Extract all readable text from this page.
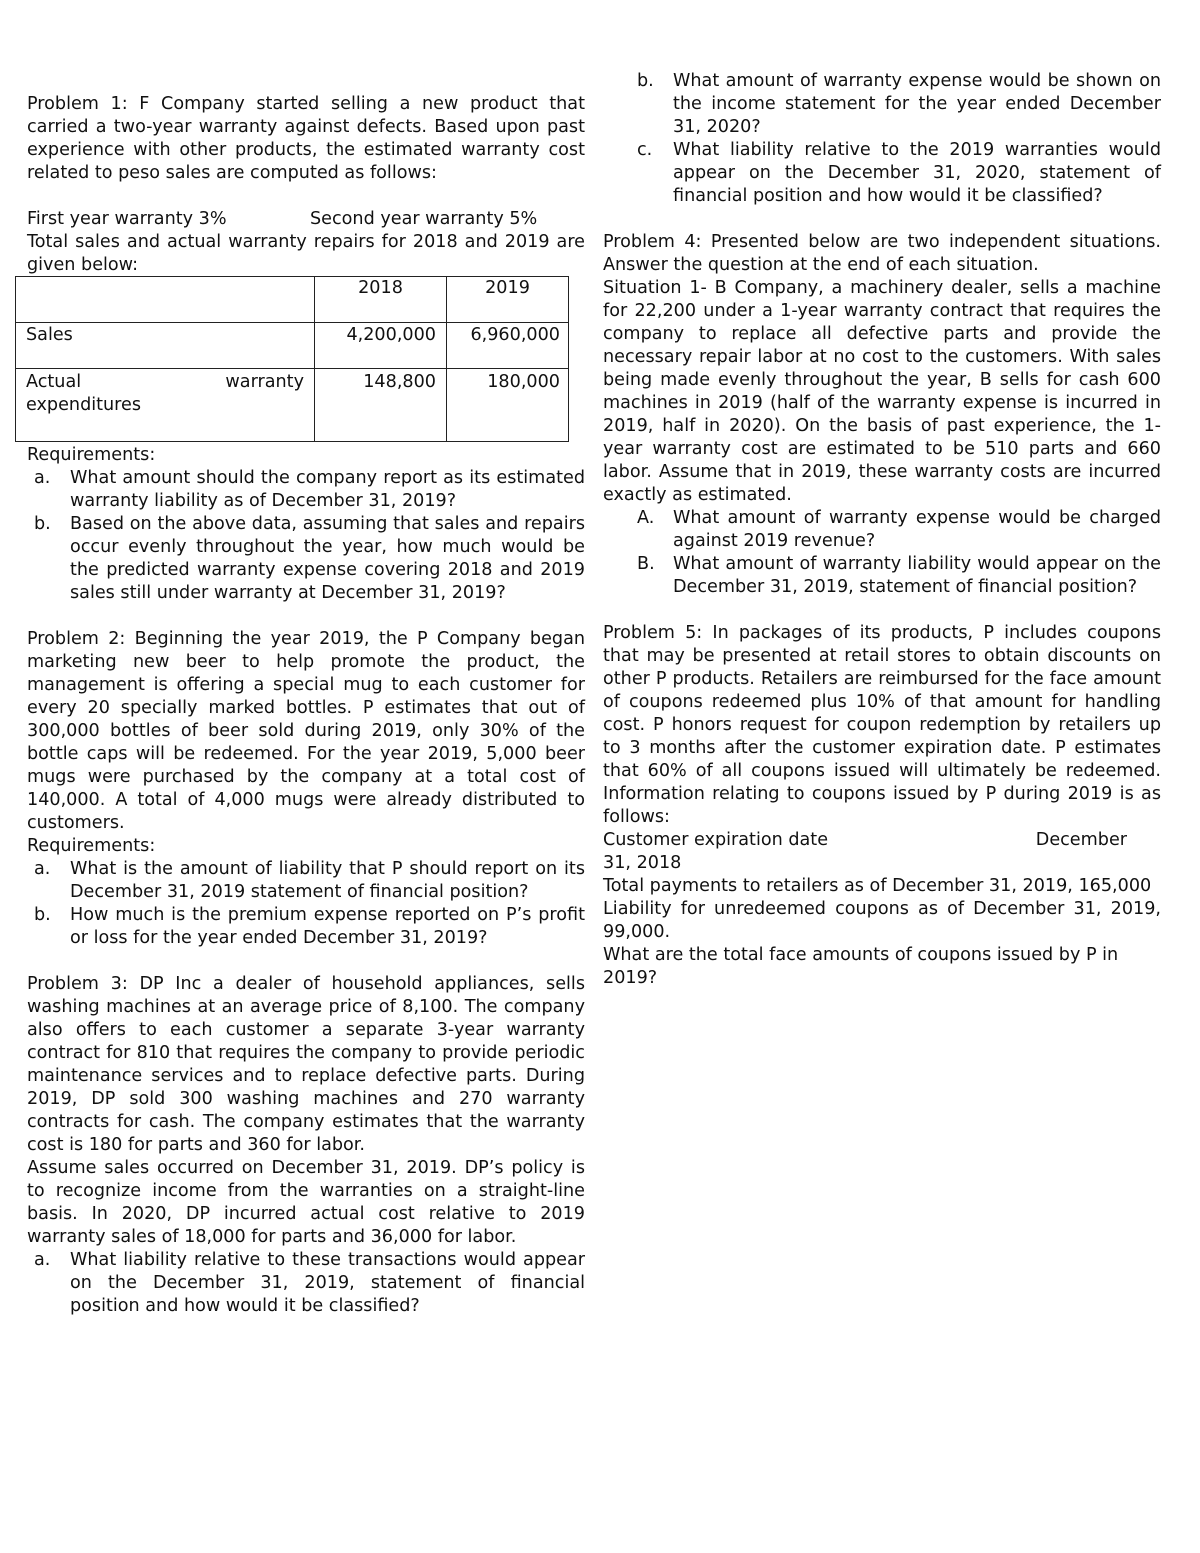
Problem 1: F Company started selling a new product that carried a two-year warranty against defects. Based upon past experience with other products, the estimated warranty cost related to peso sales are computed as follows:

First year warranty 3%	Second year warranty 5%

Total sales and actual warranty repairs for 2018 and 2019 are given below:

	2018	2019

Sales	4,200,000	6,960,000

Actual warranty
expenditures	148,800	180,000

Requirements:

a. What amount should the company report as its estimated warranty liability as of December 31, 2019?
b. Based on the above data, assuming that sales and repairs occur evenly throughout the year, how much would be the predicted warranty expense covering 2018 and 2019 sales still under warranty at December 31, 2019?

Problem 2: Beginning the year 2019, the P Company began marketing new beer to help promote the product, the management is offering a special mug to each customer for every 20 specially marked bottles. P estimates that out of 300,000 bottles of beer sold during 2019, only 30% of the bottle caps will be redeemed. For the year 2019, 5,000 beer mugs were purchased by the company at a total cost of 140,000. A total of 4,000 mugs were already distributed to customers.

Requirements:

a. What is the amount of liability that P should report on its December 31, 2019 statement of financial position?
b. How much is the premium expense reported on P’s profit or loss for the year ended December 31, 2019?

Problem 3: DP Inc a dealer of household appliances, sells washing machines at an average price of 8,100. The company also offers to each customer a separate 3-year warranty contract for 810 that requires the company to provide periodic maintenance services and to replace defective parts. During 2019, DP sold 300 washing machines and 270 warranty contracts for cash. The company estimates that the warranty cost is 180 for parts and 360 for labor.

Assume sales occurred on December 31, 2019. DP’s policy is to recognize income from the warranties on a straight-line basis. In 2020, DP incurred actual cost relative to 2019 warranty sales of 18,000 for parts and 36,000 for labor.

a. What liability relative to these transactions would appear on the December 31, 2019, statement of financial position and how would it be classified?
b. What amount of warranty expense would be shown on the income statement for the year ended December 31, 2020?
c. What liability relative to the 2019 warranties would appear on the December 31, 2020, statement of financial position and how would it be classified?

Problem 4: Presented below are two independent situations. Answer the question at the end of each situation.

Situation 1- B Company, a machinery dealer, sells a machine for 22,200 under a 1-year warranty contract that requires the company to replace all defective parts and provide the necessary repair labor at no cost to the customers. With sales being made evenly throughout the year, B sells for cash 600 machines in 2019 (half of the warranty expense is incurred in 2019, half in 2020). On the basis of past experience, the 1-year warranty cost are estimated to be 510 parts and 660 labor. Assume that in 2019, these warranty costs are incurred exactly as estimated.

A. What amount of warranty expense would be charged against 2019 revenue?
B. What amount of warranty liability would appear on the December 31, 2019, statement of financial position?

Problem 5: In packages of its products, P includes coupons that may be presented at retail stores to obtain discounts on other P products. Retailers are reimbursed for the face amount of coupons redeemed plus 10% of that amount for handling cost. P honors request for coupon redemption by retailers up to 3 months after the customer expiration date. P estimates that 60% of all coupons issued will ultimately be redeemed. Information relating to coupons issued by P during 2019 is as follows:

Customer expiration date	December

31, 2018

Total payments to retailers as of December 31, 2019, 165,000

Liability for unredeemed coupons as of December 31, 2019, 99,000.

What are the total face amounts of coupons issued by P in 2019?
